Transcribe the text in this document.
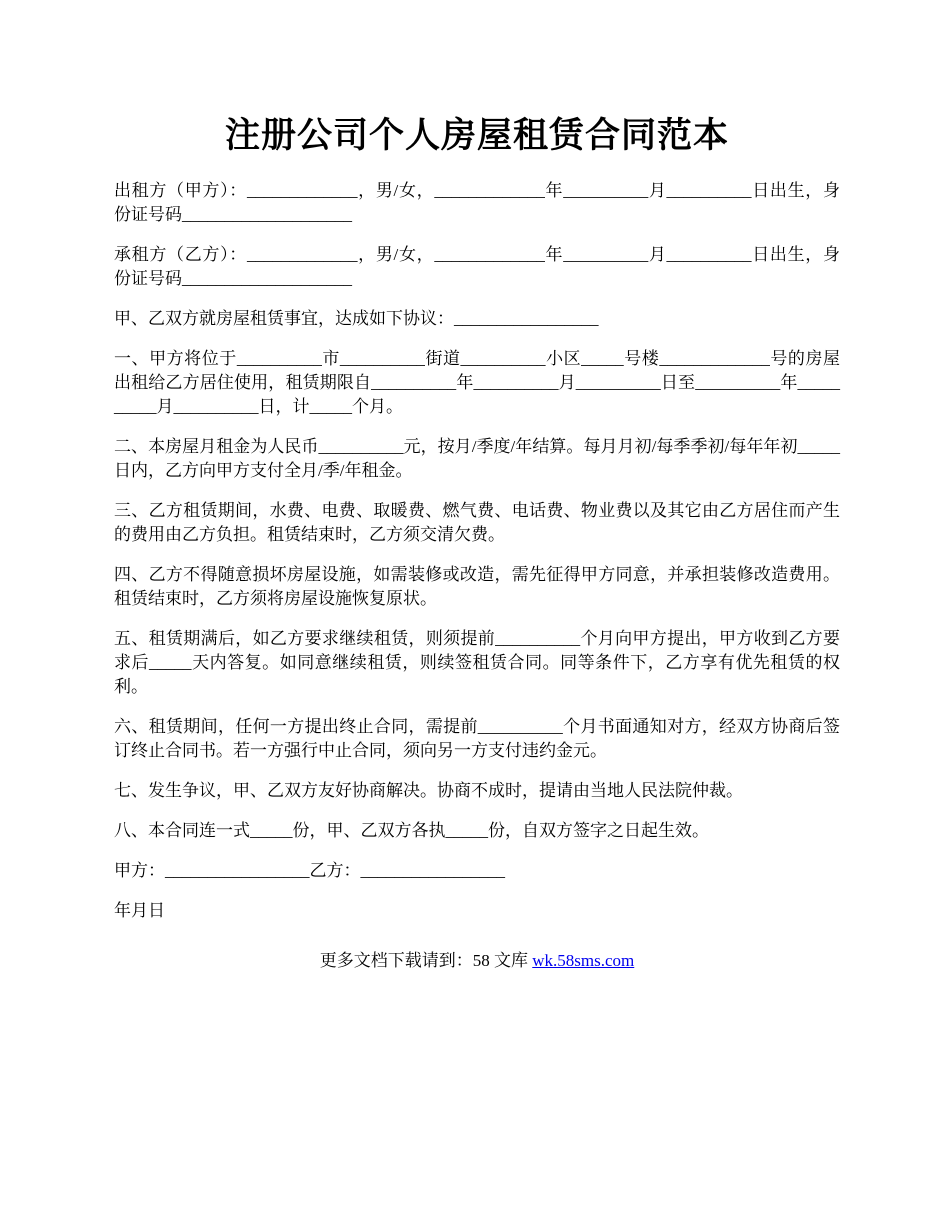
注册公司个人房屋租赁合同范本

出租方（甲方）：_____________，男/女，_____________年__________月__________日出生，身份证号码____________________

承租方（乙方）：_____________，男/女，_____________年__________月__________日出生，身份证号码____________________

甲、乙双方就房屋租赁事宜，达成如下协议：_________________

一、甲方将位于__________市__________街道__________小区_____号楼_____________号的房屋出租给乙方居住使用，租赁期限自__________年__________月__________日至__________年__________月__________日，计_____个月。

二、本房屋月租金为人民币__________元，按月/季度/年结算。每月月初/每季季初/每年年初_____日内，乙方向甲方支付全月/季/年租金。

三、乙方租赁期间，水费、电费、取暖费、燃气费、电话费、物业费以及其它由乙方居住而产生的费用由乙方负担。租赁结束时，乙方须交清欠费。

四、乙方不得随意损坏房屋设施，如需装修或改造，需先征得甲方同意，并承担装修改造费用。租赁结束时，乙方须将房屋设施恢复原状。

五、租赁期满后，如乙方要求继续租赁，则须提前__________个月向甲方提出，甲方收到乙方要求后_____天内答复。如同意继续租赁，则续签租赁合同。同等条件下，乙方享有优先租赁的权利。

六、租赁期间，任何一方提出终止合同，需提前__________个月书面通知对方，经双方协商后签订终止合同书。若一方强行中止合同，须向另一方支付违约金元。

七、发生争议，甲、乙双方友好协商解决。协商不成时，提请由当地人民法院仲裁。

八、本合同连一式_____份，甲、乙双方各执_____份，自双方签字之日起生效。

甲方：_________________乙方：_________________

年月日

更多文档下载请到：58 文库 wk.58sms.com
